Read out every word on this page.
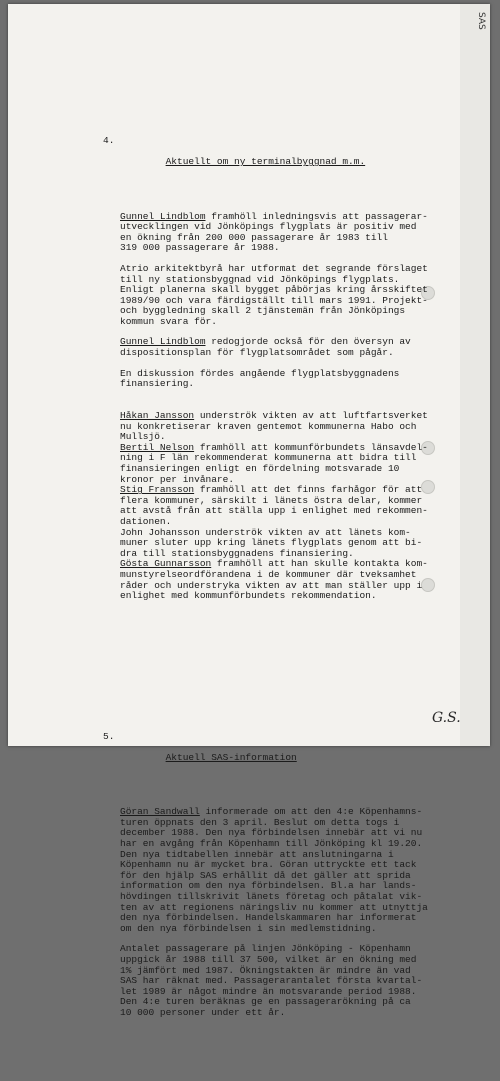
SAS

4.

Aktuellt om ny terminalbyggnad m.m.

Gunnel Lindblom framhöll inledningsvis att passagerar-

utvecklingen vid Jönköpings flygplats är positiv med

en ökning från 200 000 passagerare år 1983 till

319 000 passagerare år 1988.

Atrio arkitektbyrå har utformat det segrande förslaget

till ny stationsbyggnad vid Jönköpings flygplats.

Enligt planerna skall bygget påbörjas kring årsskiftet

1989/90 och vara färdigställt till mars 1991. Projekt-

och byggledning skall 2 tjänstemän från Jönköpings

kommun svara för.

Gunnel Lindblom redogjorde också för den översyn av

dispositionsplan för flygplatsområdet som pågår.

En diskussion fördes angående flygplatsbyggnadens

finansiering.

Håkan Jansson underströk vikten av att luftfartsverket

nu konkretiserar kraven gentemot kommunerna Habo och

Mullsjö.

Bertil Nelson framhöll att kommunförbundets länsavdel-

ning i F län rekommenderat kommunerna att bidra till

finansieringen enligt en fördelning motsvarade 10

kronor per invånare.

Stig Fransson framhöll att det finns farhågor för att

flera kommuner, särskilt i länets östra delar, kommer

att avstå från att ställa upp i enlighet med rekommen-

dationen.

John Johansson underströk vikten av att länets kom-

muner sluter upp kring länets flygplats genom att bi-

dra till stationsbyggnadens finansiering.

Gösta Gunnarsson framhöll att han skulle kontakta kom-

munstyrelseordförandena i de kommuner där tveksamhet

råder och understryka vikten av att man ställer upp i

enlighet med kommunförbundets rekommendation.

5.

Aktuell SAS-information

Göran Sandwall informerade om att den 4:e Köpenhamns-

turen öppnats den 3 april. Beslut om detta togs i

december 1988. Den nya förbindelsen innebär att vi nu

har en avgång från Köpenhamn till Jönköping kl 19.20.

Den nya tidtabellen innebär att anslutningarna i

Köpenhamn nu är mycket bra. Göran uttryckte ett tack

för den hjälp SAS erhållit då det gäller att sprida

information om den nya förbindelsen. Bl.a har lands-

hövdingen tillskrivit länets företag och påtalat vik-

ten av att regionens näringsliv nu kommer att utnyttja

den nya förbindelsen. Handelskammaren har informerat

om den nya förbindelsen i sin medlemstidning.

Antalet passagerare på linjen Jönköping - Köpenhamn

uppgick år 1988 till 37 500, vilket är en ökning med

1% jämfört med 1987. Ökningstakten är mindre än vad

SAS har räknat med. Passagerarantalet första kvartal-

let 1989 är något mindre än motsvarande period 1988.

Den 4:e turen beräknas ge en passagerarökning på ca

10 000 personer under ett år.

G.S.
